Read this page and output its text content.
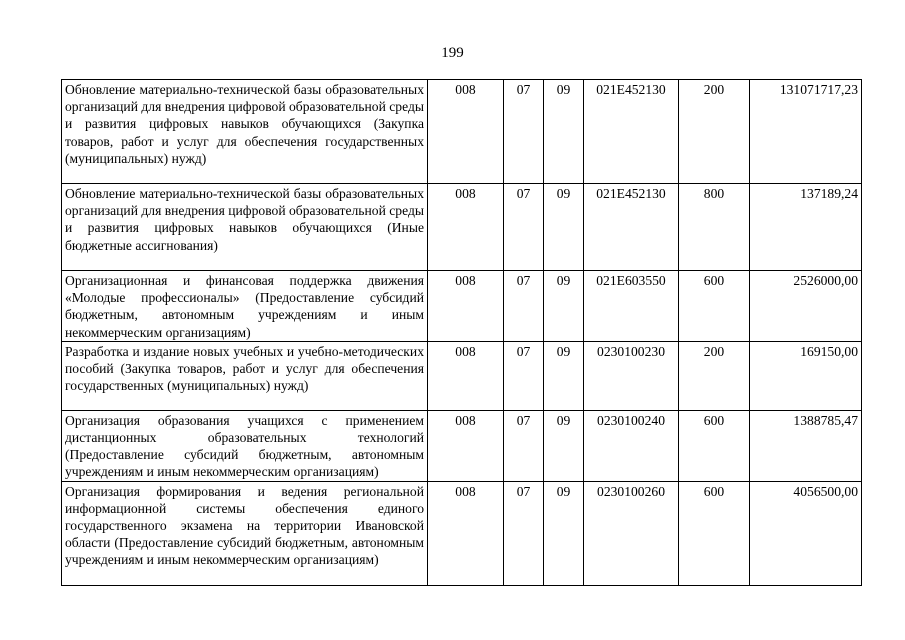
199
Обновление материально-технической базы образовательных организаций для внедрения цифровой образовательной среды и развития цифровых навыков обучающихся (Закупка товаров, работ и услуг для обеспечения государственных (муниципальных) нужд)	008	07	09	021Е452130	200	131071717,23
Обновление материально-технической базы образовательных организаций для внедрения цифровой образовательной среды и развития цифровых навыков обучающихся (Иные бюджетные ассигнования)	008	07	09	021Е452130	800	137189,24
Организационная и финансовая поддержка движения «Молодые профессионалы» (Предоставление субсидий бюджетным, автономным учреждениям и иным некоммерческим организациям)	008	07	09	021Е603550	600	2526000,00
Разработка и издание новых учебных и учебно-методических пособий (Закупка товаров, работ и услуг для обеспечения государственных (муниципальных) нужд)	008	07	09	0230100230	200	169150,00
Организация образования учащихся с применением дистанционных образовательных технологий (Предоставление субсидий бюджетным, автономным учреждениям и иным некоммерческим организациям)	008	07	09	0230100240	600	1388785,47
Организация формирования и ведения региональной информационной системы обеспечения единого государственного экзамена на территории Ивановской области (Предоставление субсидий бюджетным, автономным учреждениям и иным некоммерческим организациям)	008	07	09	0230100260	600	4056500,00
